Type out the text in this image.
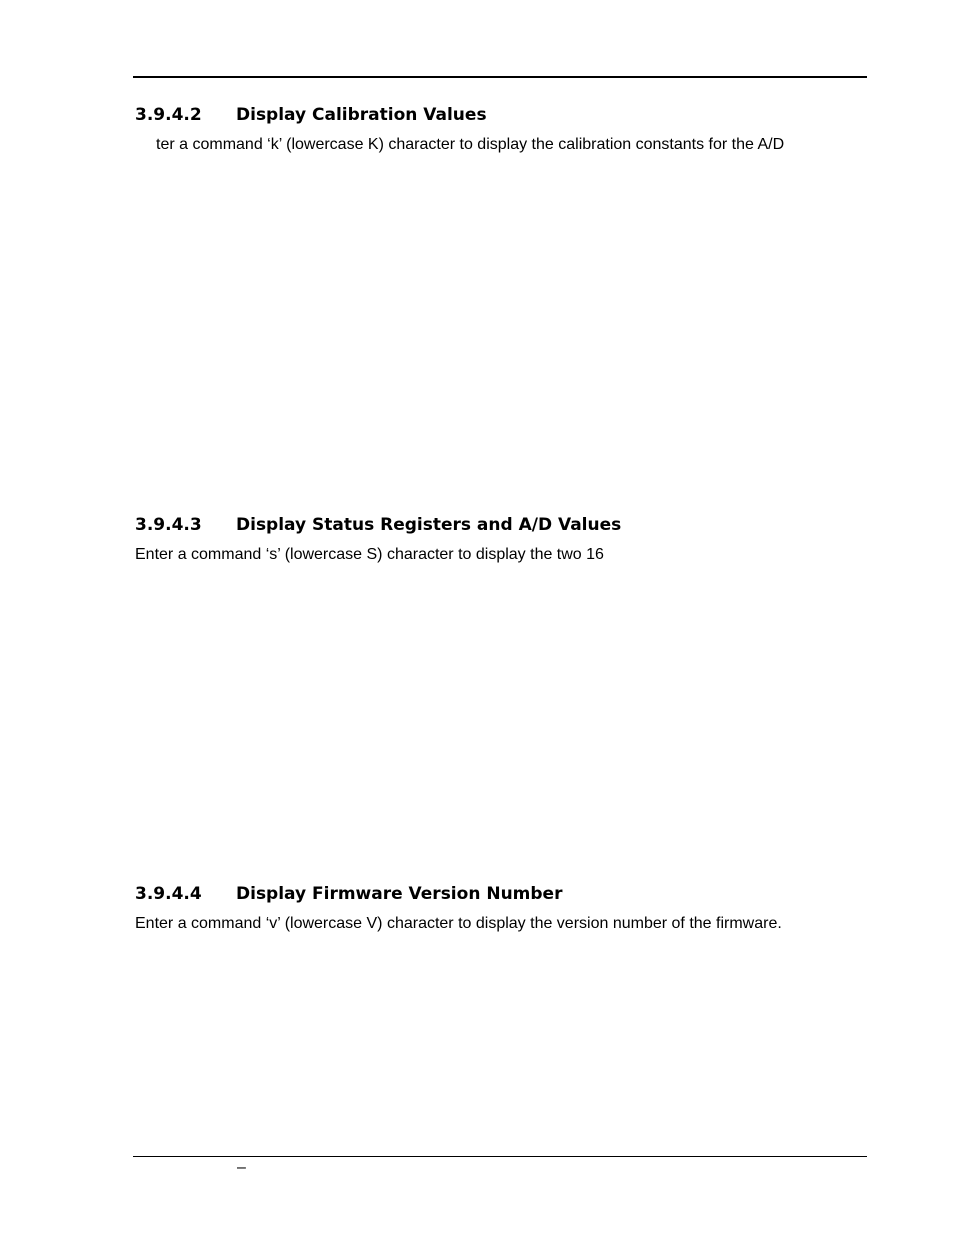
3.9.4.2 Display Calibration Values
ter a command ‘k’ (lowercase K) character to display the calibration constants for the A/D
3.9.4.3 Display Status Registers and A/D Values
Enter a command ‘s’ (lowercase S) character to display the two 16
3.9.4.4 Display Firmware Version Number
Enter a command ‘v’ (lowercase V) character to display the version number of the firmware.
–
